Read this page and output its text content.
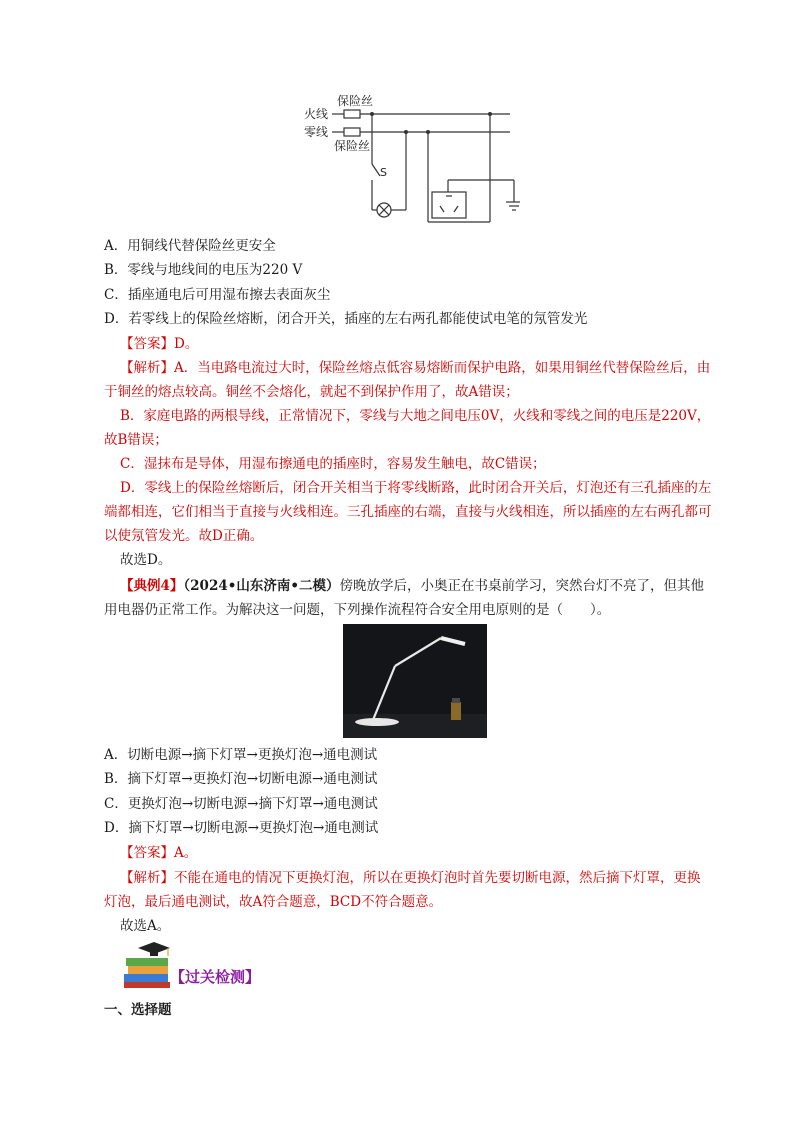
火线
零线
保险丝
保险丝
S
A．用铜线代替保险丝更安全
B．零线与地线间的电压为220 V
C．插座通电后可用湿布擦去表面灰尘
D．若零线上的保险丝熔断，闭合开关，插座的左右两孔都能使试电笔的氖管发光
【答案】D。
【解析】A．当电路电流过大时，保险丝熔点低容易熔断而保护电路，如果用铜丝代替保险丝后，由
于铜丝的熔点较高。铜丝不会熔化，就起不到保护作用了，故A错误；
B．家庭电路的两根导线，正常情况下，零线与大地之间电压0V，火线和零线之间的电压是220V，
故B错误；
C．湿抹布是导体，用湿布擦通电的插座时，容易发生触电，故C错误；
D．零线上的保险丝熔断后，闭合开关相当于将零线断路，此时闭合开关后，灯泡还有三孔插座的左
端都相连，它们相当于直接与火线相连。三孔插座的右端，直接与火线相连，所以插座的左右两孔都可
以使氖管发光。故D正确。
故选D。
【典例4】（2024•山东济南•二模）傍晚放学后，小奥正在书桌前学习，突然台灯不亮了，但其他
用电器仍正常工作。为解决这一问题，下列操作流程符合安全用电原则的是（　　）。
A．切断电源→摘下灯罩→更换灯泡→通电测试
B．摘下灯罩→更换灯泡→切断电源→通电测试
C．更换灯泡→切断电源→摘下灯罩→通电测试
D．摘下灯罩→切断电源→更换灯泡→通电测试
【答案】A。
【解析】不能在通电的情况下更换灯泡，所以在更换灯泡时首先要切断电源，然后摘下灯罩，更换
灯泡，最后通电测试，故A符合题意，BCD不符合题意。
故选A。
【过关检测】
一、选择题
